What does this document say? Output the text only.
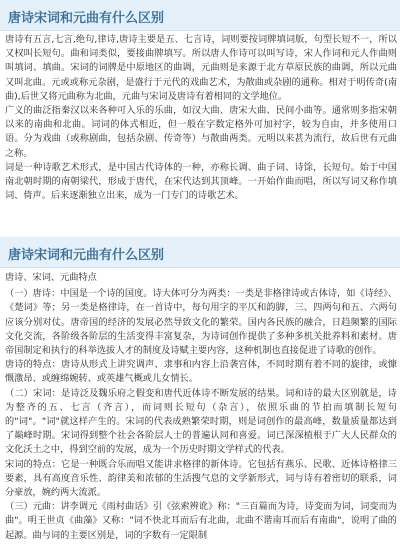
唐诗宋词和元曲有什么区别

唐诗有五言,七言,绝句,律诗,唐诗主要是五、七言诗，词则要按词牌填词版，句型长短不一，所以又权叫长短句。曲和词类似，要接曲牌填写。所以唐人作诗可以叫写诗，宋人作词和元人作曲则叫填词、填曲。宋词的词牌是中原地区的曲调，元曲则是来源于北方草原民族的曲调，所以元曲又叫北曲。元或或称元杂剧，是盛行于元代的戏曲艺术，为散曲或杂剧的通称。相对于明传奇(南曲),后世又将元曲称为北曲，元曲与宋词及唐诗有着相同的文学地位。

广义的曲泛指秦汉以来各种可入乐的乐曲，如汉大曲、唐宋大曲、民间小曲等。通常则多指宋朝以来的南曲和北曲。词词的体式相近，但一般在字数定格外可加衬字，较为自由，并多使用口语。分为戏曲（或称剧曲，包括杂剧、传奇等）与散曲两类。元明以来甚为流行，故后世有元曲之称。

词是一种诗歌艺术形式，是中国古代诗体的一种，亦称长调、曲子词、诗馀，长短句。始于中国南北朝时期的南朝梁代，形成于唐代，在宋代达到其顶峰。一开始作曲而唱，所以写词又称作填词、倚声。后来逐渐独立出来，成为一门专门的诗歌艺术。

唐诗宋词和元曲有什么区别

唐诗、宋词、元曲特点

（一）唐诗：中国是一个诗的国度。诗大体可分为两类：一类是非格律诗或古体诗，如《诗经》、《楚词》等；另一类是格律诗，在一首诗中，每句用字的平仄和韵脚，三、四两句和五、六两句应该分别对仗。唐帝国的经济的发展必然导致文化的繁荣。国内各民族的融合，日趋频繁的国际文化交流，各阶级各阶层的生活变得丰富复杂，为诗词创作提供了多种多机关批养料和素材。唐帝国制定和执行的科举选拔人才的制度及诗赋主要内容，这种机制也直接促进了诗歌的创作。

唐诗的特点：唐诗从形式上讲究调声、隶事和内容上沿袭宫体，不同时期有着不同的旋律，或慷慨激昂、或缠绵婉转、或英雄气概或儿女情长。

（二）宋词：是诗泛及魏乐府之假变和唐代近体诗不断发展的结果。词和诗的最大区别就是，诗为整齐的五、七言（齐言），而词则长短句（杂言），依照乐曲的节拍而填制长短句的"词"。"词"就这样产生的。宋词的代表成熟繁荣时期，则是词创作的最高峰，数量质量都达到了巅峰时期。宋词得到整个社会各阶层人士的普遍认同和喜爱。词已深深植根于广大人民群众的文化沃土之中，得到空前的发展，成为一个历史时期文学样式的代表。

宋词的特点：它是一种既合乐而唱又能讲求格律的新体诗。它包括有燕乐、民歌、近体诗格律三要素，具有高度音乐性、韵律美和浓郁的生活搜气息的文学新形式，词与诗有着密切的联系，词分豪放，婉约两大流派。

（三）元曲：讲李调元《雨村曲话》引《弦索辨讹》称："三百篇而为诗，诗变而为词，词变而为曲"。明王世贞《曲藻》又称："词不快北耳而后有北曲，北曲不谐南耳而后有南曲"，说明了曲的起源。曲与词的主要区别是，词的字数有一定限制
